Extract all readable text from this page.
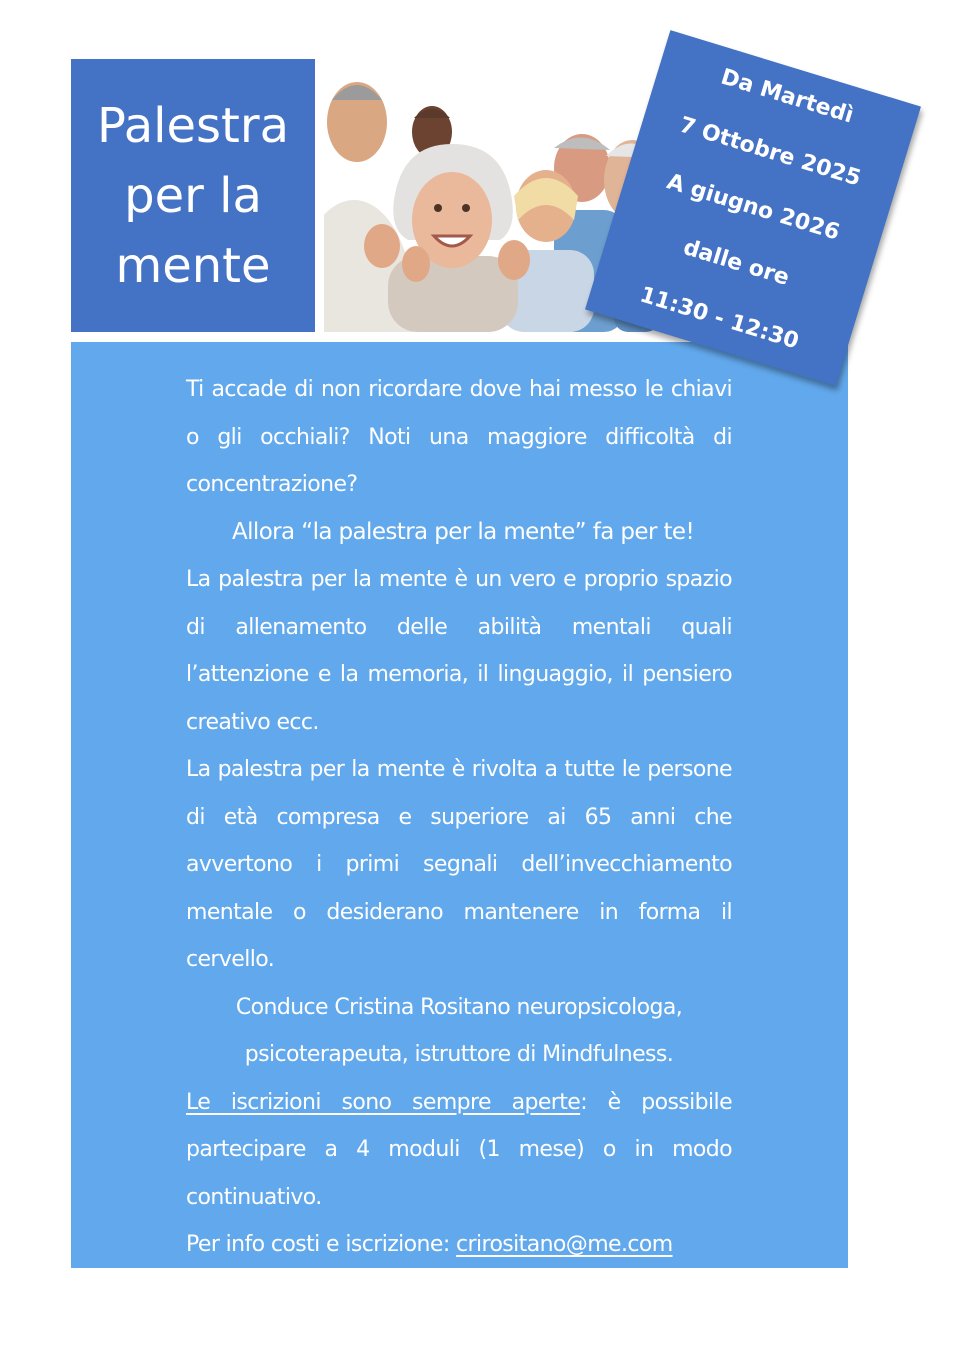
Palestra
per la
mente
Da Martedì
7 Ottobre 2025
A giugno 2026
dalle ore
11:30 - 12:30

Ti accade di non ricordare dove hai messo le chiavi o gli occhiali? Noti una maggiore difficoltà di concentrazione?

Allora “la palestra per la mente” fa per te!

La palestra per la mente è un vero e proprio spazio di allenamento delle abilità mentali quali l’attenzione e la memoria, il linguaggio, il pensiero creativo ecc.

La palestra per la mente è rivolta a tutte le persone di età compresa e superiore ai 65 anni che avvertono i primi segnali dell’invecchiamento mentale o desiderano mantenere in forma il cervello.

Conduce Cristina Rositano neuropsicologa,

psicoterapeuta, istruttore di Mindfulness.

Le iscrizioni sono sempre aperte: è possibile partecipare a 4 moduli (1 mese) o in modo continuativo.

Per info costi e iscrizione: crirositano@me.com

3491586197; sito: www.spaziotrapensieri.it
